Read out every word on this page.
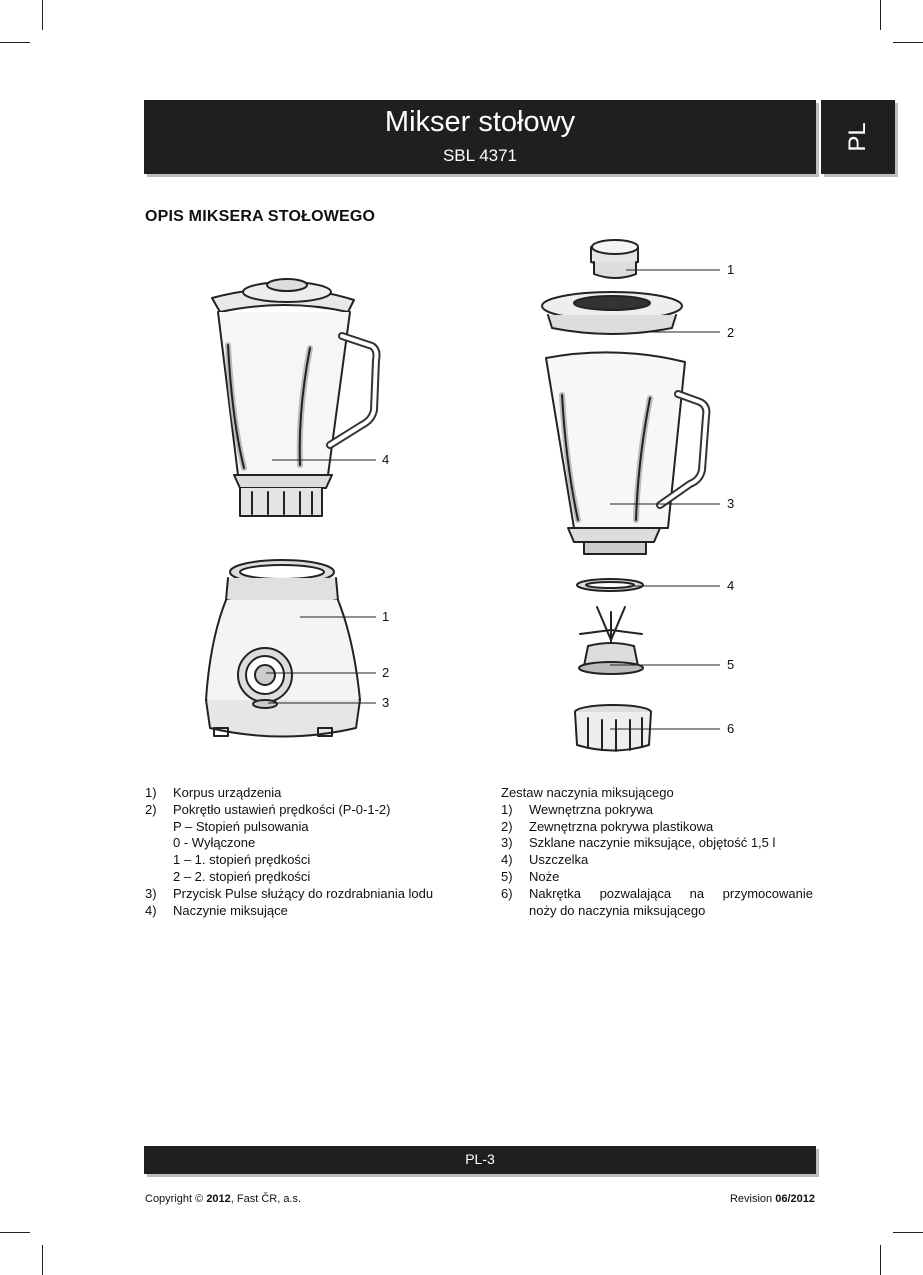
Mikser stołowy
SBL 4371
PL
OPIS MIKSERA STOŁOWEGO
4
1
2
3
1
2
3
4
5
6
1) Korpus urządzenia
2) Pokrętło ustawień prędkości (P-0-1-2)
P – Stopień pulsowania
0 - Wyłączone
1 – 1. stopień prędkości
2 – 2. stopień prędkości
3) Przycisk Pulse służący do rozdrabniania lodu
4) Naczynie miksujące
Zestaw naczynia miksującego
1) Wewnętrzna pokrywa
2) Zewnętrzna pokrywa plastikowa
3) Szklane naczynie miksujące, objętość 1,5 l
4) Uszczelka
5) Noże
6) Nakrętka pozwalająca na przymocowanie
noży do naczynia miksującego
PL-3
Copyright © 2012, Fast ČR, a.s.	Revision 06/2012
